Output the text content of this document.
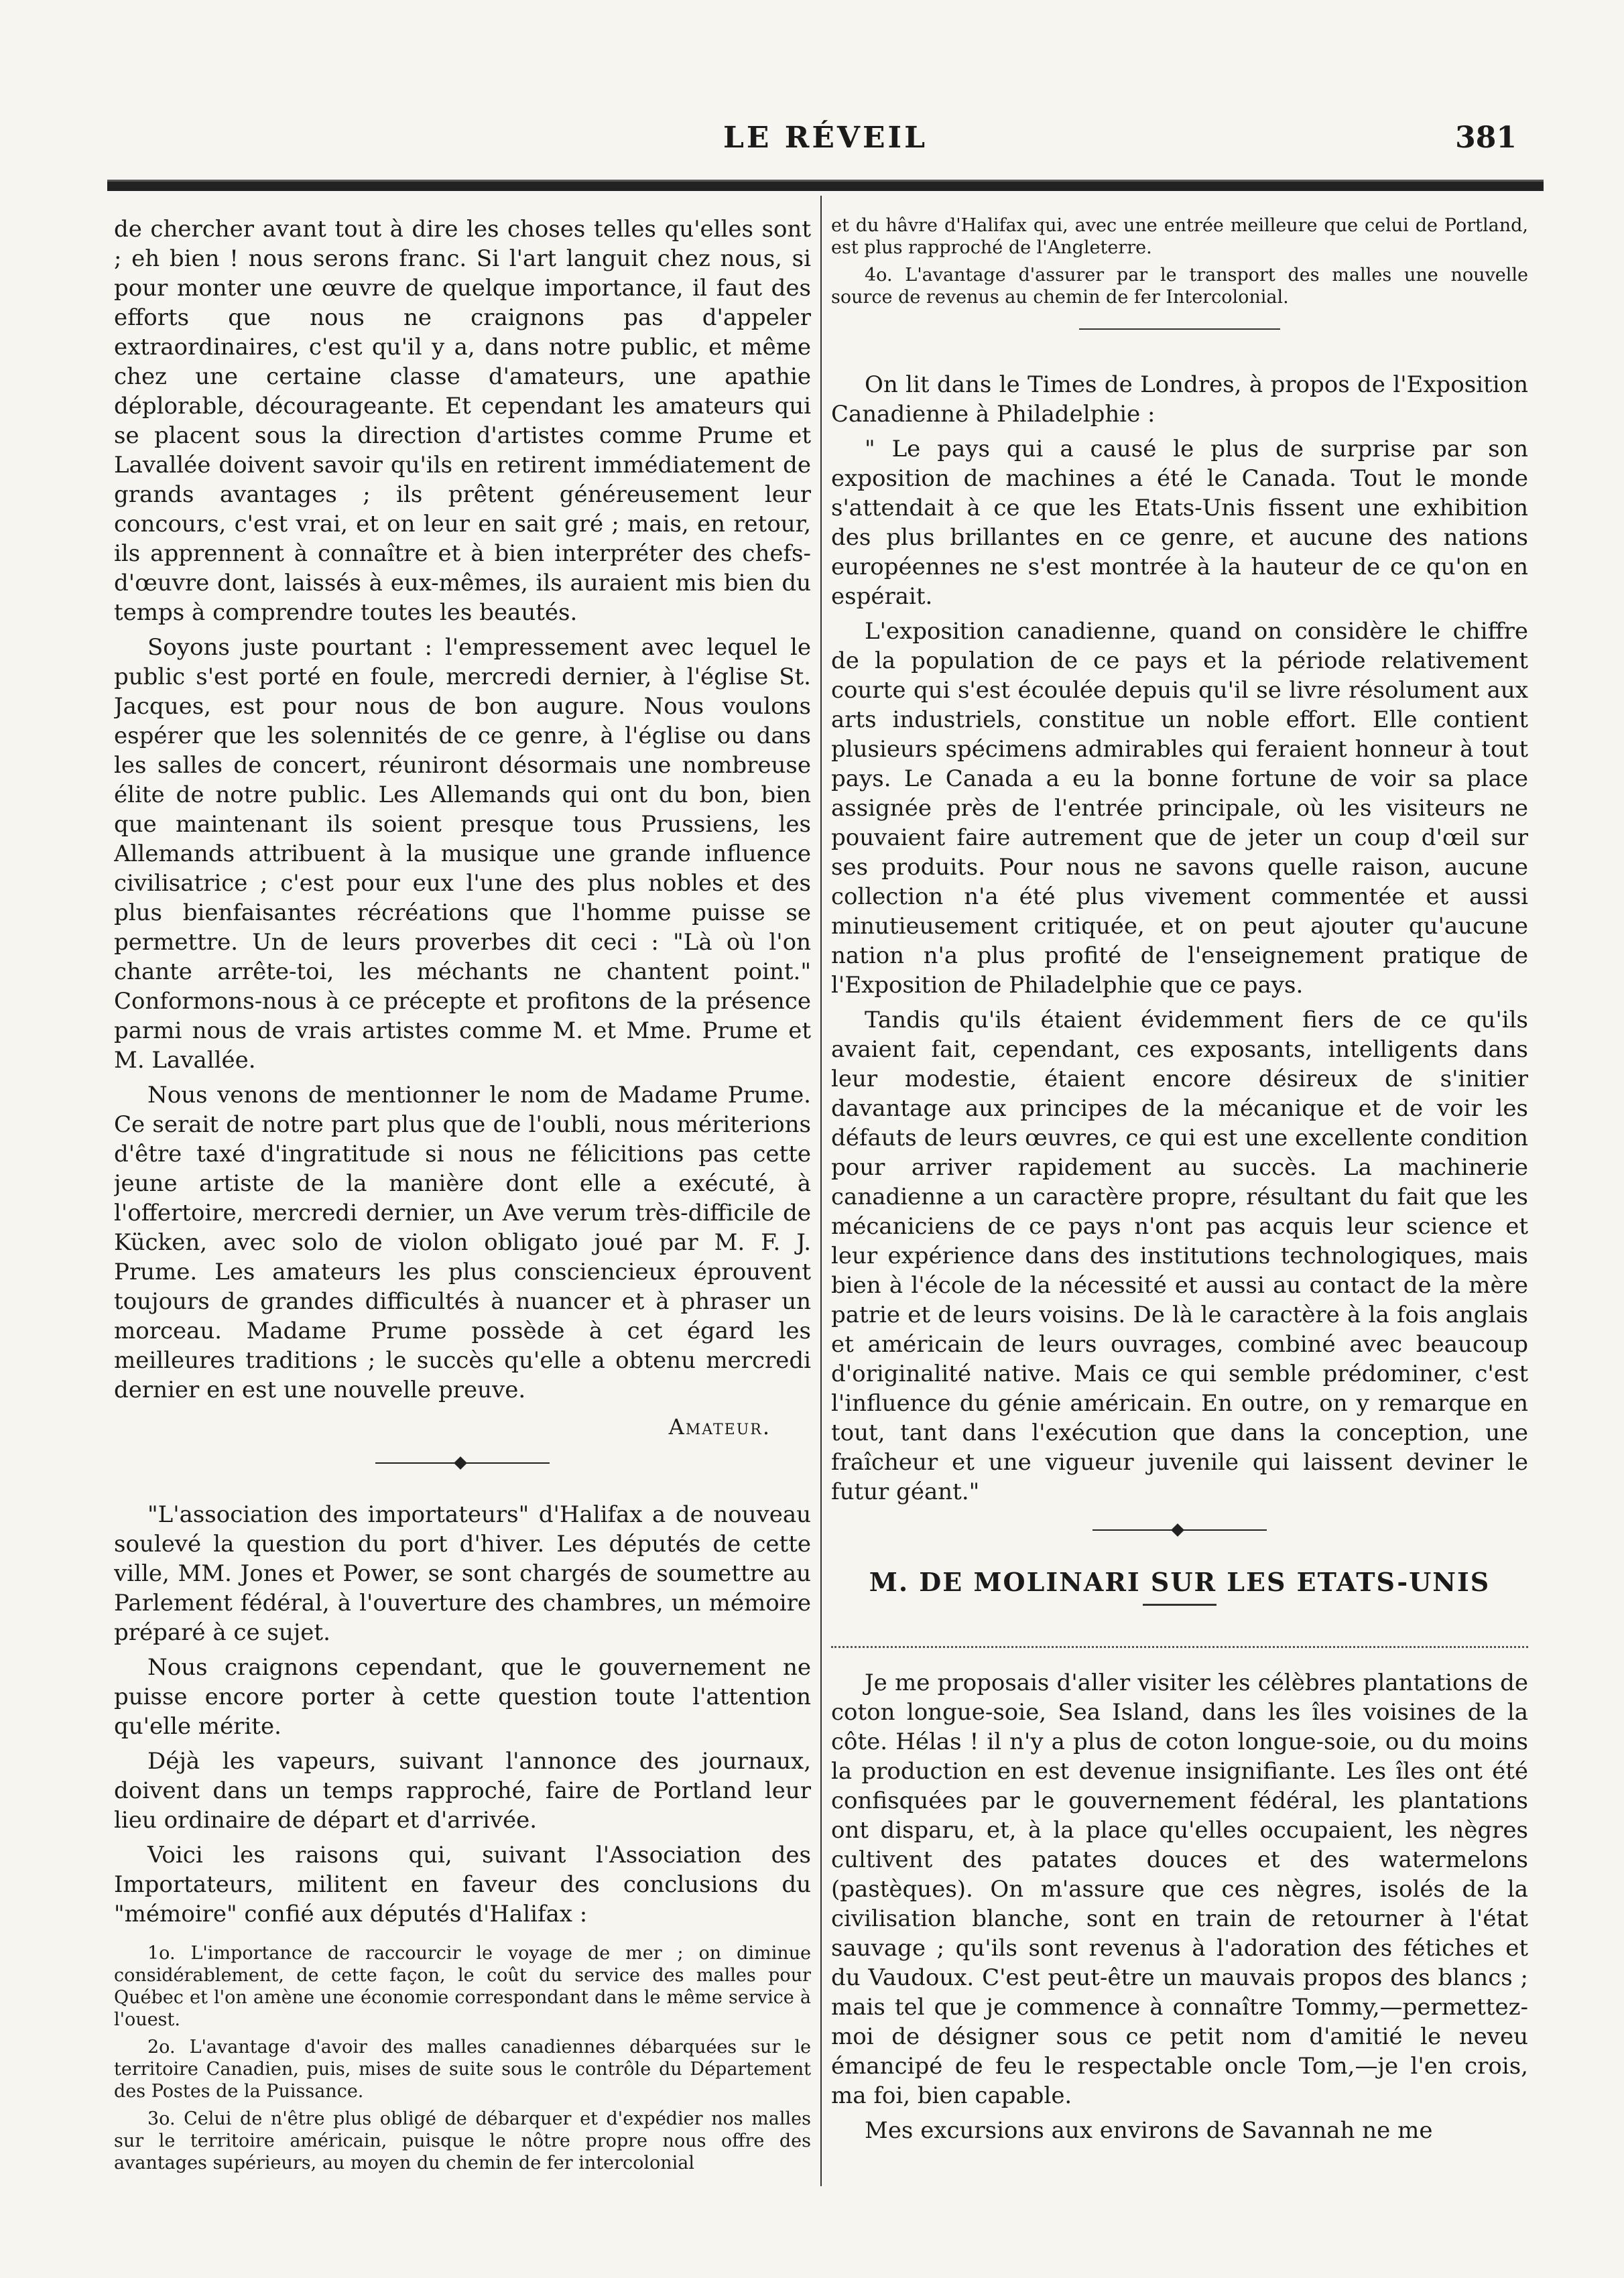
LE RÉVEIL	381

de chercher avant tout à dire les choses telles qu'elles sont ; eh bien ! nous serons franc. Si l'art languit chez nous, si pour monter une œuvre de quelque importance, il faut des efforts que nous ne craignons pas d'appeler extraordinaires, c'est qu'il y a, dans notre public, et même chez une certaine classe d'amateurs, une apathie déplorable, décourageante. Et cependant les amateurs qui se placent sous la direction d'artistes comme Prume et Lavallée doivent savoir qu'ils en retirent immédiatement de grands avantages ; ils prêtent généreusement leur concours, c'est vrai, et on leur en sait gré ; mais, en retour, ils apprennent à connaître et à bien interpréter des chefs-d'œuvre dont, laissés à eux-mêmes, ils auraient mis bien du temps à comprendre toutes les beautés.

Soyons juste pourtant : l'empressement avec lequel le public s'est porté en foule, mercredi dernier, à l'église St. Jacques, est pour nous de bon augure. Nous voulons espérer que les solennités de ce genre, à l'église ou dans les salles de concert, réuniront désormais une nombreuse élite de notre public. Les Allemands qui ont du bon, bien que maintenant ils soient presque tous Prussiens, les Allemands attribuent à la musique une grande influence civilisatrice ; c'est pour eux l'une des plus nobles et des plus bienfaisantes récréations que l'homme puisse se permettre. Un de leurs proverbes dit ceci : "Là où l'on chante arrête-toi, les méchants ne chantent point." Conformons-nous à ce précepte et profitons de la présence parmi nous de vrais artistes comme M. et Mme. Prume et M. Lavallée.

Nous venons de mentionner le nom de Madame Prume. Ce serait de notre part plus que de l'oubli, nous mériterions d'être taxé d'ingratitude si nous ne félicitions pas cette jeune artiste de la manière dont elle a exécuté, à l'offertoire, mercredi dernier, un Ave verum très-difficile de Kücken, avec solo de violon obligato joué par M. F. J. Prume. Les amateurs les plus consciencieux éprouvent toujours de grandes difficultés à nuancer et à phraser un morceau. Madame Prume possède à cet égard les meilleures traditions ; le succès qu'elle a obtenu mercredi dernier en est une nouvelle preuve.

Amateur.

"L'association des importateurs" d'Halifax a de nouveau soulevé la question du port d'hiver. Les députés de cette ville, MM. Jones et Power, se sont chargés de soumettre au Parlement fédéral, à l'ouverture des chambres, un mémoire préparé à ce sujet.

Nous craignons cependant, que le gouvernement ne puisse encore porter à cette question toute l'attention qu'elle mérite.

Déjà les vapeurs, suivant l'annonce des journaux, doivent dans un temps rapproché, faire de Portland leur lieu ordinaire de départ et d'arrivée.

Voici les raisons qui, suivant l'Association des Importateurs, militent en faveur des conclusions du "mémoire" confié aux députés d'Halifax :

1o. L'importance de raccourcir le voyage de mer ; on diminue considérablement, de cette façon, le coût du service des malles pour Québec et l'on amène une économie correspondant dans le même service à l'ouest.

2o. L'avantage d'avoir des malles canadiennes débarquées sur le territoire Canadien, puis, mises de suite sous le contrôle du Département des Postes de la Puissance.

3o. Celui de n'être plus obligé de débarquer et d'expédier nos malles sur le territoire américain, puisque le nôtre propre nous offre des avantages supérieurs, au moyen du chemin de fer intercolonial

et du hâvre d'Halifax qui, avec une entrée meilleure que celui de Portland, est plus rapproché de l'Angleterre.

4o. L'avantage d'assurer par le transport des malles une nouvelle source de revenus au chemin de fer Intercolonial.

On lit dans le Times de Londres, à propos de l'Exposition Canadienne à Philadelphie :

" Le pays qui a causé le plus de surprise par son exposition de machines a été le Canada. Tout le monde s'attendait à ce que les Etats-Unis fissent une exhibition des plus brillantes en ce genre, et aucune des nations européennes ne s'est montrée à la hauteur de ce qu'on en espérait.

L'exposition canadienne, quand on considère le chiffre de la population de ce pays et la période relativement courte qui s'est écoulée depuis qu'il se livre résolument aux arts industriels, constitue un noble effort. Elle contient plusieurs spécimens admirables qui feraient honneur à tout pays. Le Canada a eu la bonne fortune de voir sa place assignée près de l'entrée principale, où les visiteurs ne pouvaient faire autrement que de jeter un coup d'œil sur ses produits. Pour nous ne savons quelle raison, aucune collection n'a été plus vivement commentée et aussi minutieusement critiquée, et on peut ajouter qu'aucune nation n'a plus profité de l'enseignement pratique de l'Exposition de Philadelphie que ce pays.

Tandis qu'ils étaient évidemment fiers de ce qu'ils avaient fait, cependant, ces exposants, intelligents dans leur modestie, étaient encore désireux de s'initier davantage aux principes de la mécanique et de voir les défauts de leurs œuvres, ce qui est une excellente condition pour arriver rapidement au succès. La machinerie canadienne a un caractère propre, résultant du fait que les mécaniciens de ce pays n'ont pas acquis leur science et leur expérience dans des institutions technologiques, mais bien à l'école de la nécessité et aussi au contact de la mère patrie et de leurs voisins. De là le caractère à la fois anglais et américain de leurs ouvrages, combiné avec beaucoup d'originalité native. Mais ce qui semble prédominer, c'est l'influence du génie américain. En outre, on y remarque en tout, tant dans l'exécution que dans la conception, une fraîcheur et une vigueur juvenile qui laissent deviner le futur géant."

M. DE MOLINARI SUR LES ETATS-UNIS

Je me proposais d'aller visiter les célèbres plantations de coton longue-soie, Sea Island, dans les îles voisines de la côte. Hélas ! il n'y a plus de coton longue-soie, ou du moins la production en est devenue insignifiante. Les îles ont été confisquées par le gouvernement fédéral, les plantations ont disparu, et, à la place qu'elles occupaient, les nègres cultivent des patates douces et des watermelons (pastèques). On m'assure que ces nègres, isolés de la civilisation blanche, sont en train de retourner à l'état sauvage ; qu'ils sont revenus à l'adoration des fétiches et du Vaudoux. C'est peut-être un mauvais propos des blancs ; mais tel que je commence à connaître Tommy,—permettez-moi de désigner sous ce petit nom d'amitié le neveu émancipé de feu le respectable oncle Tom,—je l'en crois, ma foi, bien capable.

Mes excursions aux environs de Savannah ne me
